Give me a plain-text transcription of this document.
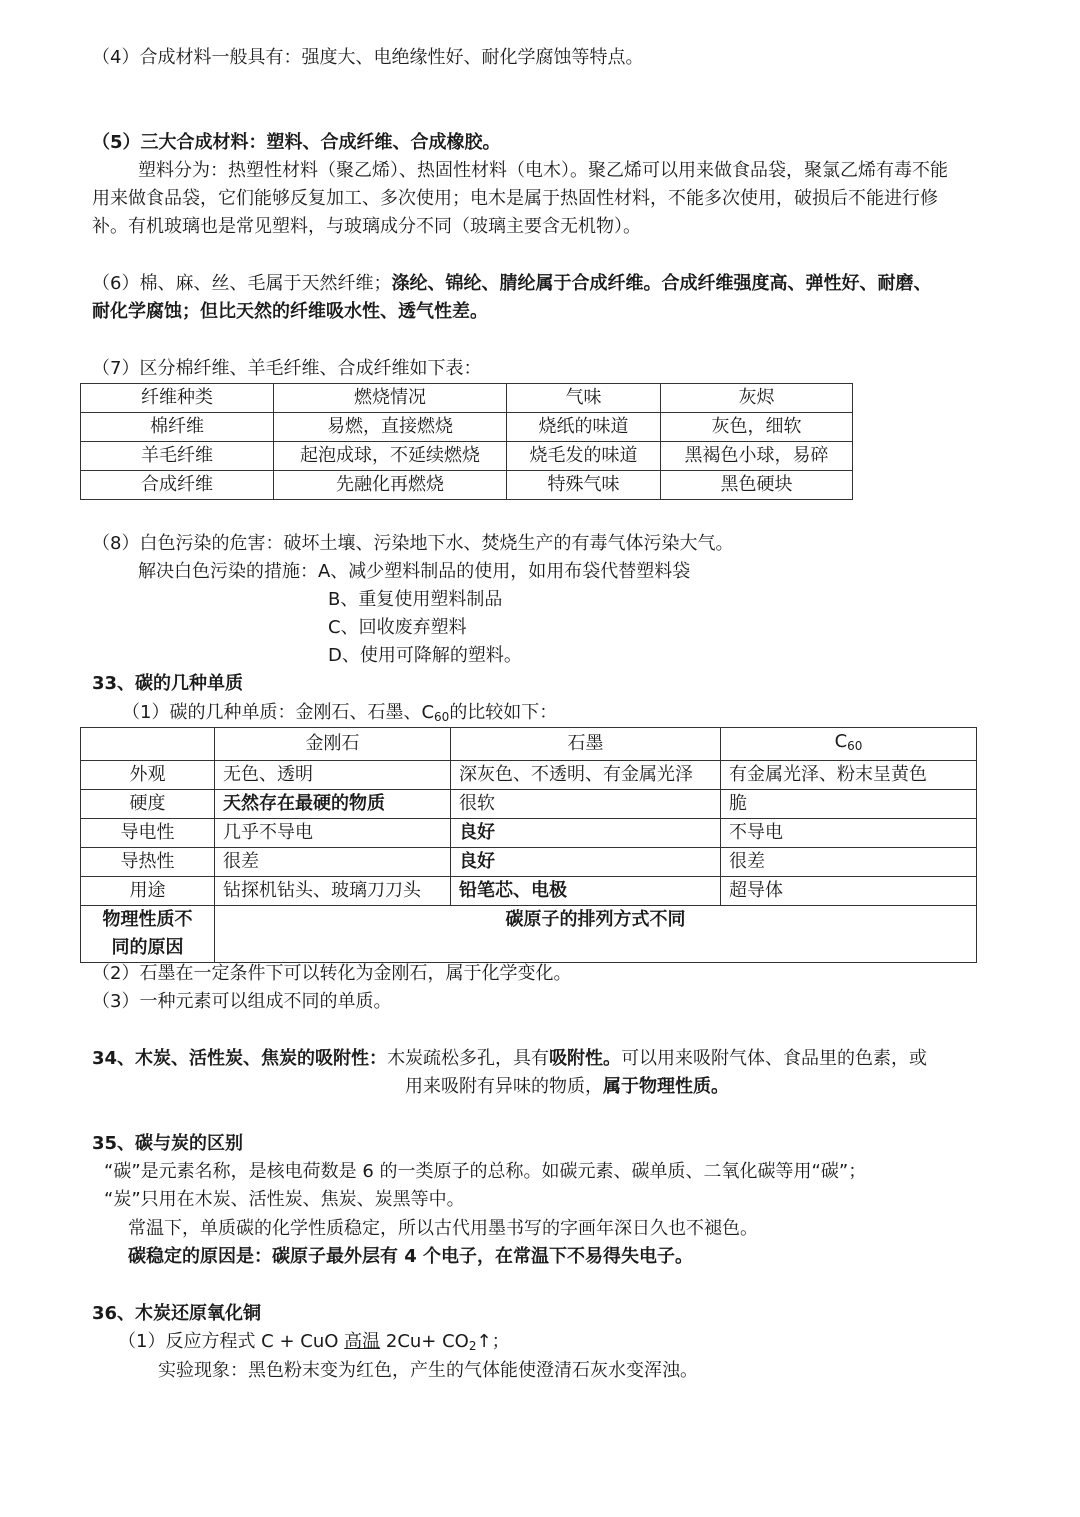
（4）合成材料一般具有：强度大、电绝缘性好、耐化学腐蚀等特点。
（5）三大合成材料：塑料、合成纤维、合成橡胶。
塑料分为：热塑性材料（聚乙烯）、热固性材料（电木）。聚乙烯可以用来做食品袋，聚氯乙烯有毒不能
用来做食品袋，它们能够反复加工、多次使用；电木是属于热固性材料，不能多次使用，破损后不能进行修
补。有机玻璃也是常见塑料，与玻璃成分不同（玻璃主要含无机物）。
（6）棉、麻、丝、毛属于天然纤维；涤纶、锦纶、腈纶属于合成纤维。合成纤维强度高、弹性好、耐磨、
耐化学腐蚀；但比天然的纤维吸水性、透气性差。
（7）区分棉纤维、羊毛纤维、合成纤维如下表：
纤维种类	燃烧情况	气味	灰烬
棉纤维	易燃，直接燃烧	烧纸的味道	灰色，细软
羊毛纤维	起泡成球，不延续燃烧	烧毛发的味道	黑褐色小球，易碎
合成纤维	先融化再燃烧	特殊气味	黑色硬块
（8）白色污染的危害：破坏土壤、污染地下水、焚烧生产的有毒气体污染大气。
解决白色污染的措施：A、减少塑料制品的使用，如用布袋代替塑料袋
B、重复使用塑料制品
C、回收废弃塑料
D、使用可降解的塑料。
33、碳的几种单质
（1）碳的几种单质：金刚石、石墨、$C_{60}$的比较如下：
	金刚石	石墨	$C_{60}$
外观	无色、透明	深灰色、不透明、有金属光泽	有金属光泽、粉末呈黄色
硬度	天然存在最硬的物质	很软	脆
导电性	几乎不导电	良好	不导电
导热性	很差	良好	很差
用途	钻探机钻头、玻璃刀刀头	铅笔芯、电极	超导体

物理性质不
同的原因	碳原子的排列方式不同		
（2）石墨在一定条件下可以转化为金刚石，属于化学变化。
（3）一种元素可以组成不同的单质。
34、木炭、活性炭、焦炭的吸附性：木炭疏松多孔，具有吸附性。可以用来吸附气体、食品里的色素，或
用来吸附有异味的物质，属于物理性质。
35、碳与炭的区别
“碳”是元素名称，是核电荷数是 6 的一类原子的总称。如碳元素、碳单质、二氧化碳等用“碳”；
“炭”只用在木炭、活性炭、焦炭、炭黑等中。
常温下，单质碳的化学性质稳定，所以古代用墨书写的字画年深日久也不褪色。
碳稳定的原因是：碳原子最外层有 4 个电子，在常温下不易得失电子。
36、木炭还原氧化铜
（1）反应方程式 C + CuO 高温 $2Cu+ CO_2↑$；
实验现象：黑色粉末变为红色，产生的气体能使澄清石灰水变浑浊。
